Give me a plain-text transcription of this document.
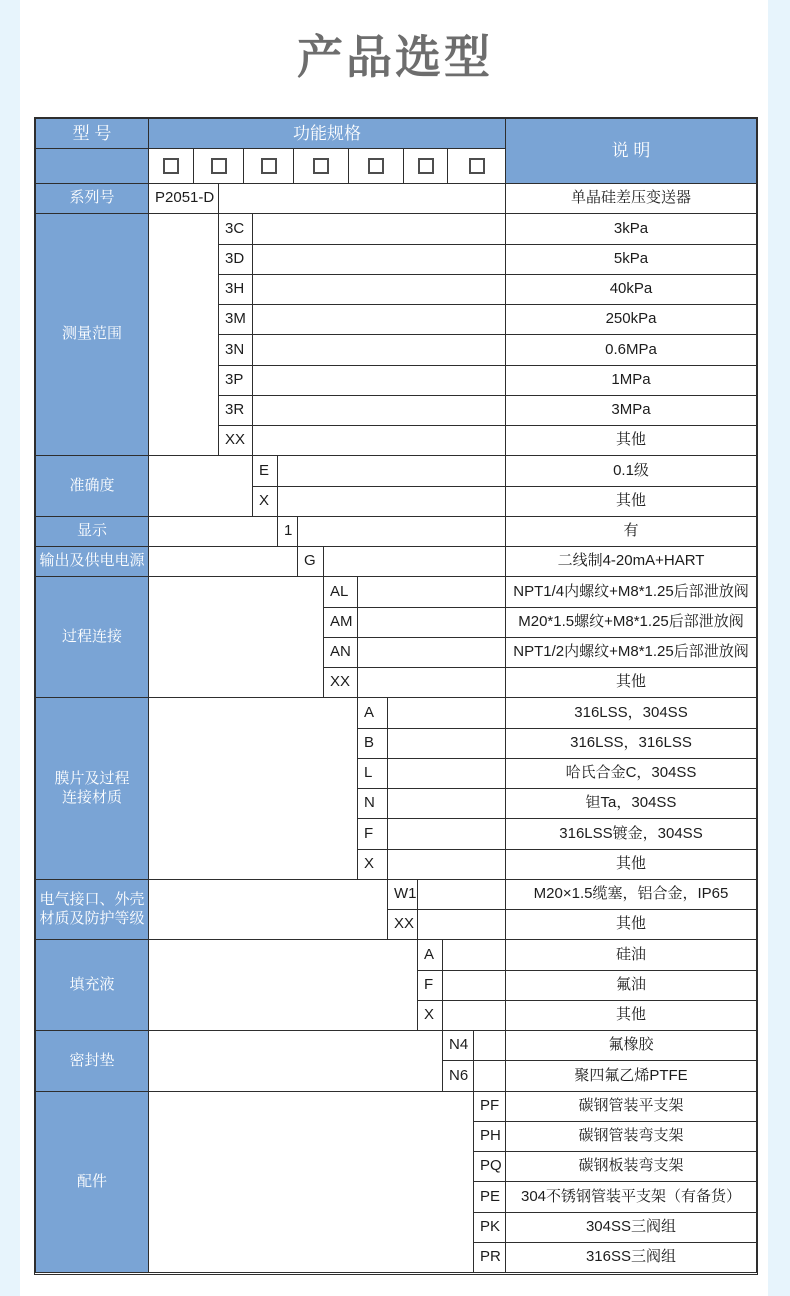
产品选型
型 号	功能规格
说 明
系列号	P2051-D	单晶硅差压变送器
测量范围
3C	3kPa
3D	5kPa
3H	40kPa
3M	250kPa
3N	0.6MPa
3P	1MPa
3R	3MPa
XX	其他
准确度
E	0.1级
X	其他
显示	1	有
输出及供电电源	G	二线制4-20mA+HART
过程连接
AL	NPT1/4内螺纹+M8*1.25后部泄放阀
AM	M20*1.5螺纹+M8*1.25后部泄放阀
AN	NPT1/2内螺纹+M8*1.25后部泄放阀
XX	其他
膜片及过程
连接材质
A	316LSS，304SS
B	316LSS，316LSS
L	哈氏合金C，304SS
N	钽Ta，304SS
F	316LSS镀金，304SS
X	其他
电气接口、外壳
材质及防护等级
W1	M20×1.5缆塞，铝合金，IP65
XX	其他
填充液
A	硅油
F	氟油
X	其他
密封垫
N4	氟橡胶
N6	聚四氟乙烯PTFE
配件
PF	碳钢管装平支架
PH	碳钢管装弯支架
PQ	碳钢板装弯支架
PE	304不锈钢管装平支架（有备货）
PK	304SS三阀组
PR	316SS三阀组
